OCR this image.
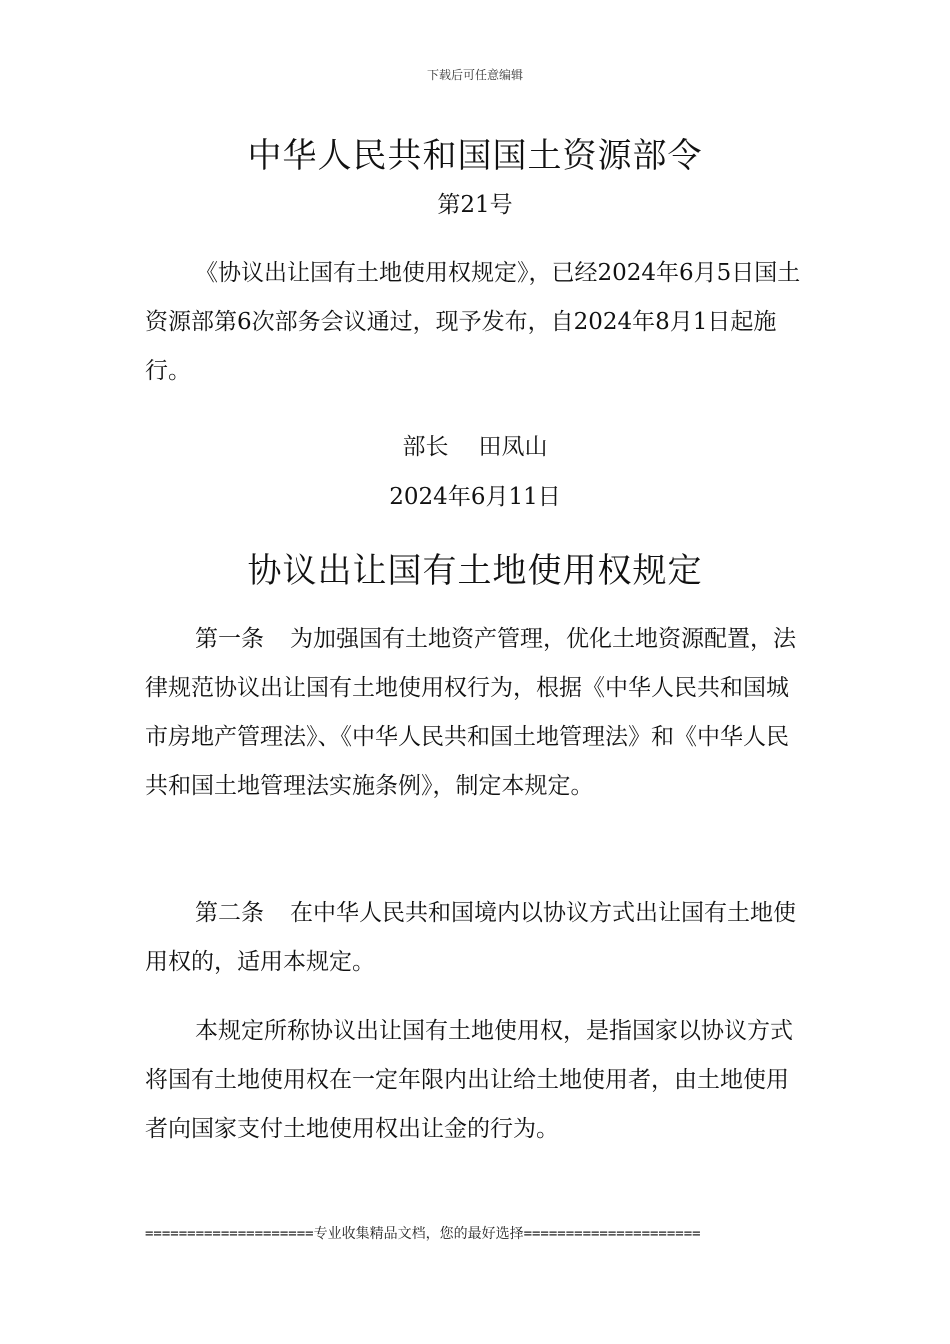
下载后可任意编辑
中华人民共和国国土资源部令
第21号

《协议出让国有土地使用权规定》，已经2024年6月5日国土资源部第6次部务会议通过，现予发布，自2024年8月1日起施行。

部长 田凤山
2024年6月11日
协议出让国有土地使用权规定

第一条 为加强国有土地资产管理，优化土地资源配置，法律规范协议出让国有土地使用权行为，根据《中华人民共和国城市房地产管理法》、《中华人民共和国土地管理法》和《中华人民共和国土地管理法实施条例》，制定本规定。

第二条 在中华人民共和国境内以协议方式出让国有土地使用权的，适用本规定。

本规定所称协议出让国有土地使用权，是指国家以协议方式将国有土地使用权在一定年限内出让给土地使用者，由土地使用者向国家支付土地使用权出让金的行为。

====================专业收集精品文档，您的最好选择=====================
